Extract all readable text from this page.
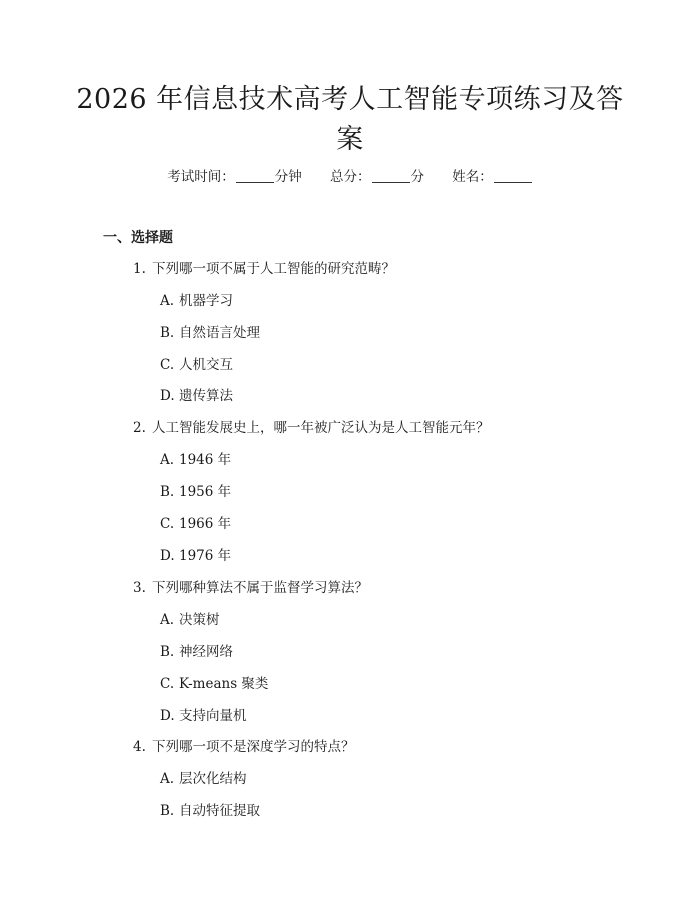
2026 年信息技术高考人工智能专项练习及答
案
考试时间：	分钟 总分：	分 姓名：
一、选择题
1. 下列哪一项不属于人工智能的研究范畴？
A. 机器学习
B. 自然语言处理
C. 人机交互
D. 遗传算法
2. 人工智能发展史上，哪一年被广泛认为是人工智能元年？
A. 1946 年
B. 1956 年
C. 1966 年
D. 1976 年
3. 下列哪种算法不属于监督学习算法？
A. 决策树
B. 神经网络
C. K-means 聚类
D. 支持向量机
4. 下列哪一项不是深度学习的特点？
A. 层次化结构
B. 自动特征提取
